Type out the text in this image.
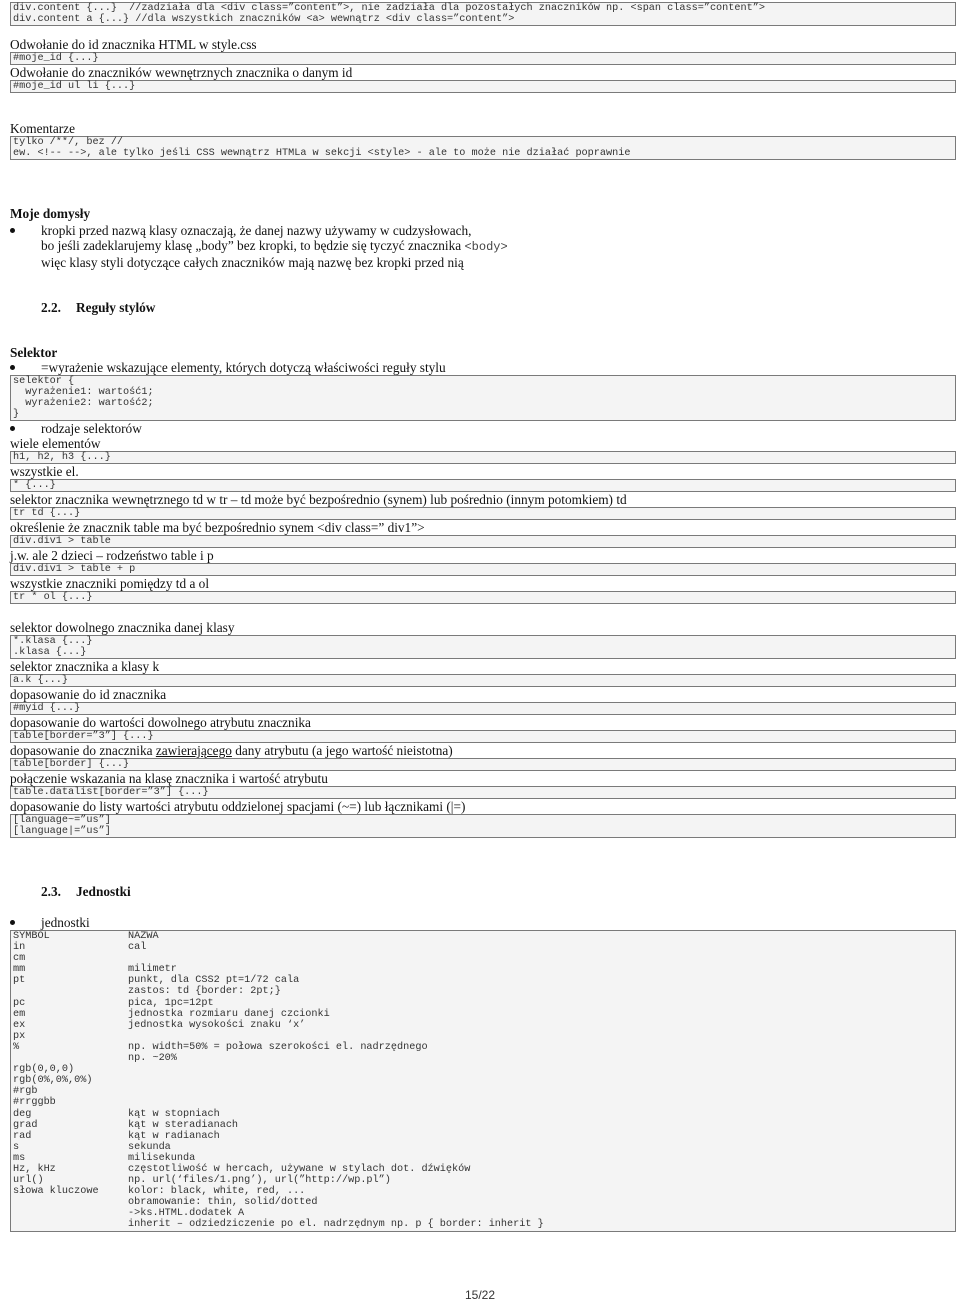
div.content {...}  //zadziała dla <div class=”content”>, nie zadziała dla pozostałych znaczników np. <span class=”content”>
div.content a {...} //dla wszystkich znaczników <a> wewnątrz <div class=”content”>
Odwołanie do id znacznika HTML w style.css
#moje_id {...}
Odwołanie do znaczników wewnętrznych znacznika o danym id
#moje_id ul li {...}
Komentarze
tylko /**/, bez //
ew. <!-- -->, ale tylko jeśli CSS wewnątrz HTMLa w sekcji <style> - ale to może nie działać poprawnie
Moje domysły
kropki przed nazwą klasy oznaczają, że danej nazwy używamy w cudzysłowach,
bo jeśli zadeklarujemy klasę „body” bez kropki, to będzie się tyczyć znacznika <body>
więc klasy styli dotyczące całych znaczników mają nazwę bez kropki przed nią
2.2. Reguły stylów
Selektor
=wyrażenie wskazujące elementy, których dotyczą właściwości reguły stylu
selektor {
wyrażenie1: wartość1;
wyrażenie2: wartość2;
}
rodzaje selektorów
wiele elementów
h1, h2, h3 {...}
wszystkie el.
* {...}
selektor znacznika wewnętrznego td w tr – td może być bezpośrednio (synem) lub pośrednio (innym potomkiem) td
tr td {...}
określenie że znacznik table ma być bezpośrednio synem <div class=” div1”>
div.div1 > table
j.w. ale 2 dzieci – rodzeństwo table i p
div.div1 > table + p
wszystkie znaczniki pomiędzy td a ol
tr * ol {...}
selektor dowolnego znacznika danej klasy
*.klasa {...}
.klasa {...}
selektor znacznika a klasy k
a.k {...}
dopasowanie do id znacznika
#myid {...}
dopasowanie do wartości dowolnego atrybutu znacznika
table[border=”3”] {...}
dopasowanie do znacznika zawierającego dany atrybutu (a jego wartość nieistotna)
table[border] {...}
połączenie wskazania na klasę znacznika i wartość atrybutu
table.datalist[border=”3”] {...}
dopasowanie do listy wartości atrybutu oddzielonej spacjami (~=) lub łącznikami (|=)
[language~=”us”]
[language|=”us”]
2.3. Jednostki
jednostki
SYMBOL	NAZWA
in	cal
cm
mm	milimetr
pt	punkt, dla CSS2 pt=1/72 cala
zastos: td {border: 2pt;}
pc	pica, 1pc=12pt
em	jednostka rozmiaru danej czcionki
ex	jednostka wysokości znaku ‘x’
px
%	np. width=50% = połowa szerokości el. nadrzędnego
np. ~20%
rgb(0,0,0)
rgb(0%,0%,0%)
#rgb
#rrggbb
deg	kąt w stopniach
grad	kąt w steradianach
rad	kąt w radianach
s	sekunda
ms	milisekunda
Hz, kHz	częstotliwość w hercach, używane w stylach dot. dźwięków
url()	np. url(‘files/1.png’), url(”http://wp.pl”)
słowa kluczowe	kolor: black, white, red, ...
obramowanie: thin, solid/dotted
->ks.HTML.dodatek A
inherit – odziedziczenie po el. nadrzędnym np. p { border: inherit }
15/22
